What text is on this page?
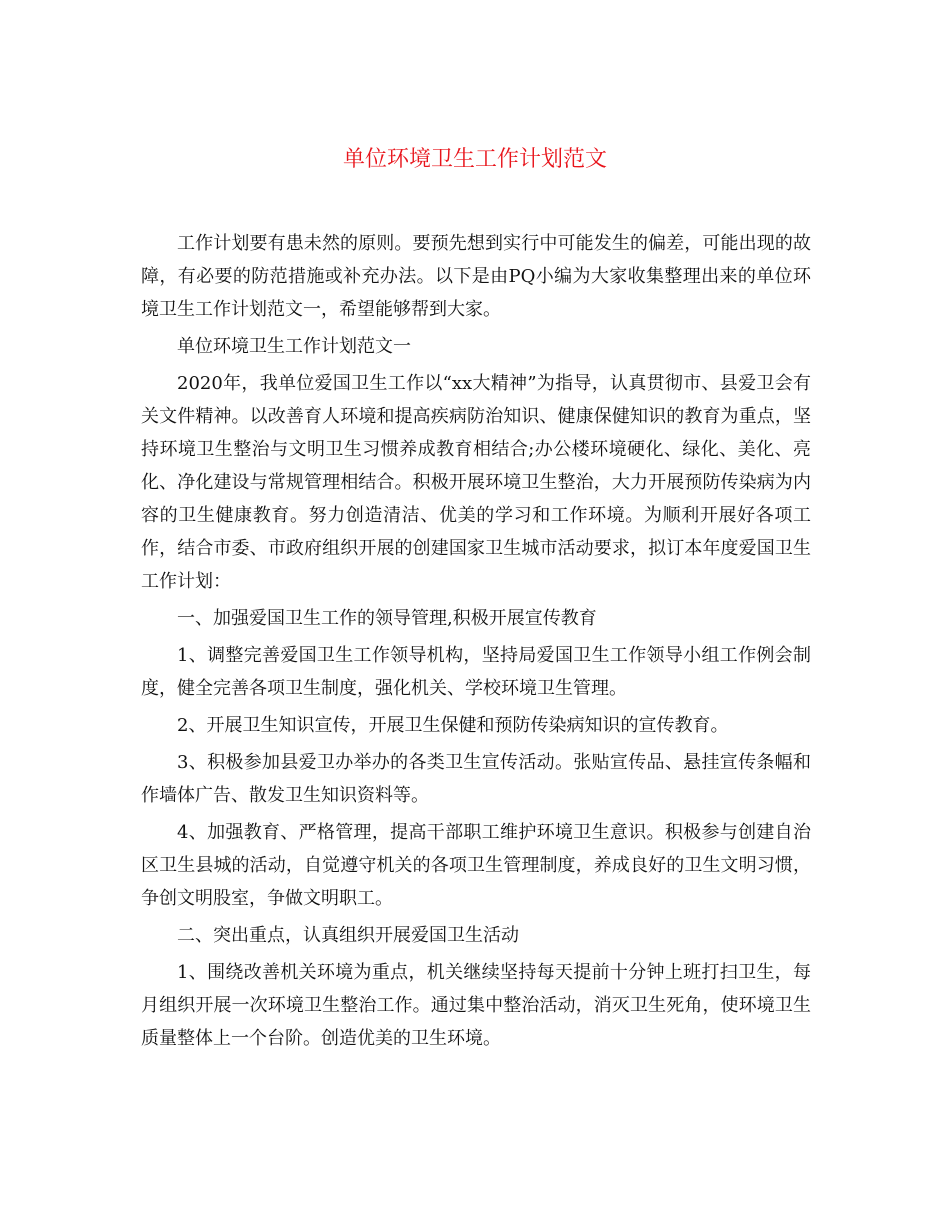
单位环境卫生工作计划范文

工作计划要有患未然的原则。要预先想到实行中可能发生的偏差，可能出现的故障，有必要的防范措施或补充办法。以下是由PQ小编为大家收集整理出来的单位环境卫生工作计划范文一，希望能够帮到大家。

单位环境卫生工作计划范文一

2020年，我单位爱国卫生工作以“xx大精神”为指导，认真贯彻市、县爱卫会有关文件精神。以改善育人环境和提高疾病防治知识、健康保健知识的教育为重点，坚持环境卫生整治与文明卫生习惯养成教育相结合;办公楼环境硬化、绿化、美化、亮化、净化建设与常规管理相结合。积极开展环境卫生整治，大力开展预防传染病为内容的卫生健康教育。努力创造清洁、优美的学习和工作环境。为顺利开展好各项工作，结合市委、市政府组织开展的创建国家卫生城市活动要求，拟订本年度爱国卫生工作计划：

一、加强爱国卫生工作的领导管理,积极开展宣传教育

1、调整完善爱国卫生工作领导机构，坚持局爱国卫生工作领导小组工作例会制度，健全完善各项卫生制度，强化机关、学校环境卫生管理。

2、开展卫生知识宣传，开展卫生保健和预防传染病知识的宣传教育。

3、积极参加县爱卫办举办的各类卫生宣传活动。张贴宣传品、悬挂宣传条幅和作墙体广告、散发卫生知识资料等。

4、加强教育、严格管理，提高干部职工维护环境卫生意识。积极参与创建自治区卫生县城的活动，自觉遵守机关的各项卫生管理制度，养成良好的卫生文明习惯，争创文明股室，争做文明职工。

二、突出重点，认真组织开展爱国卫生活动

1、围绕改善机关环境为重点，机关继续坚持每天提前十分钟上班打扫卫生，每月组织开展一次环境卫生整治工作。通过集中整治活动，消灭卫生死角，使环境卫生质量整体上一个台阶。创造优美的卫生环境。
